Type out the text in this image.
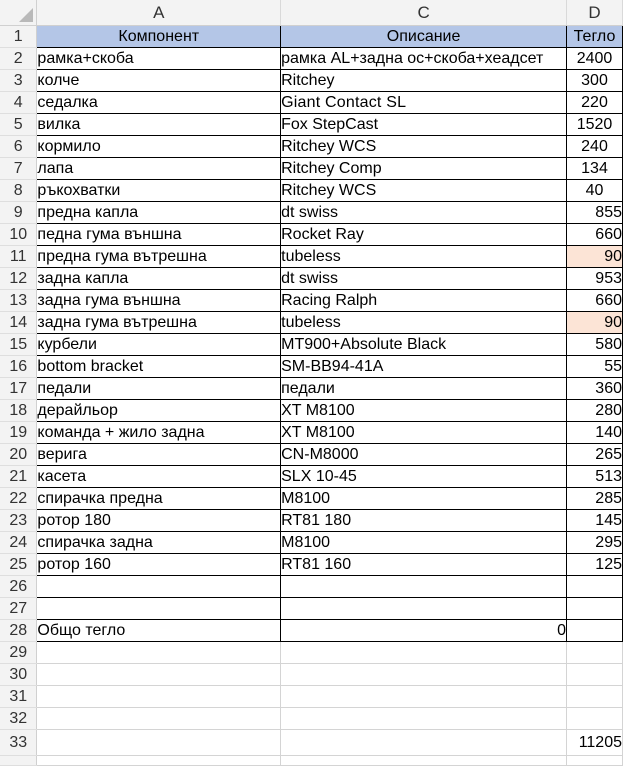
	A	C	D
1	Компонент	Описание	Тегло
2	рамка+скоба	рамка AL+задна ос+скоба+хеадсет	2400
3	колче	Ritchey	300
4	седалка	Giant Contact SL	220
5	вилка	Fox StepCast	1520
6	кормило	Ritchey WCS	240
7	лапа	Ritchey Comp	134
8	ръкохватки	Ritchey WCS	40
9	предна капла	dt swiss	855
10	педна гума външна	Rocket Ray	660
11	предна гума вътрешна	tubeless	90
12	задна капла	dt swiss	953
13	задна гума външна	Racing Ralph	660
14	задна гума вътрешна	tubeless	90
15	курбели	MT900+Absolute Black	580
16	bottom bracket	SM-BB94-41A	55
17	педали	педали	360
18	дерайльор	XT M8100	280
19	команда + жило задна	XT M8100	140
20	верига	CN-M8000	265
21	касета	SLX 10-45	513
22	спирачка предна	M8100	285
23	ротор 180	RT81 180	145
24	спирачка задна	M8100	295
25	ротор 160	RT81 160	125
26			
27			
28	Общо тегло	0	
29			
30			
31			
32			
33			11205
